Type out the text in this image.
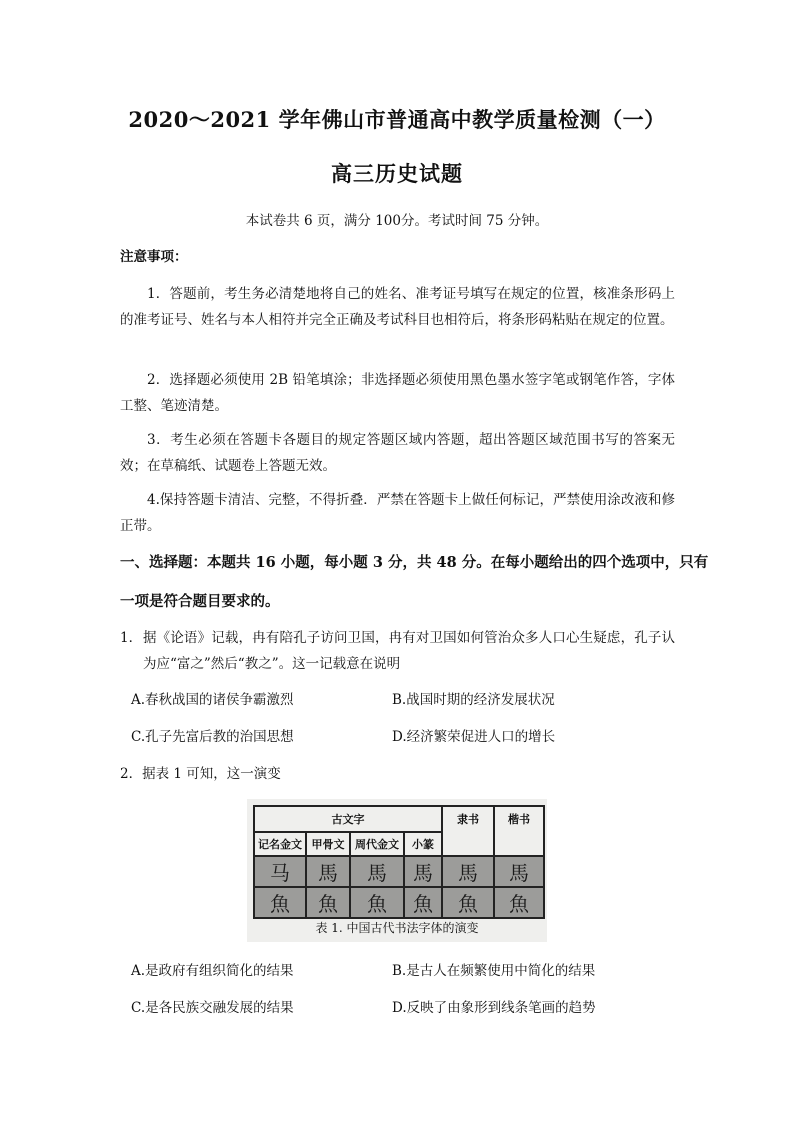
2020～2021 学年佛山市普通高中教学质量检测（一）
高三历史试题
本试卷共 6 页，满分 100分。考试时间 75 分钟。
注意事项：
1．答题前，考生务必清楚地将自己的姓名、准考证号填写在规定的位置，核准条形码上的准考证号、姓名与本人相符并完全正确及考试科目也相符后，将条形码粘贴在规定的位置。
2．选择题必须使用 2B 铅笔填涂；非选择题必须使用黑色墨水签字笔或钢笔作答，字体工整、笔迹清楚。
3．考生必须在答题卡各题目的规定答题区域内答题，超出答题区域范围书写的答案无效；在草稿纸、试题卷上答题无效。
4.保持答题卡清洁、完整，不得折叠．严禁在答题卡上做任何标记，严禁使用涂改液和修正带。
一、选择题：本题共 16 小题，每小题 3 分，共 48 分。在每小题给出的四个选项中，只有
一项是符合题目要求的。
1． 据《论语》记载，冉有陪孔子访问卫国，冉有对卫国如何管治众多人口心生疑虑，孔子认为应“富之”然后“教之”。这一记载意在说明
A.春秋战国的诸侯争霸激烈	B.战国时期的经济发展状况
C.孔子先富后教的治国思想	D.经济繁荣促进人口的增长
2．据表 1 可知，这一演变
古文字				隶书	楷书
记名金文	甲骨文	周代金文	小篆		
⻢	馬	馬	馬	馬	馬
魚	魚	魚	魚	魚	魚
表 1. 中国古代书法字体的演变
A.是政府有组织简化的结果	B.是古人在频繁使用中简化的结果
C.是各民族交融发展的结果	D.反映了由象形到线条笔画的趋势
